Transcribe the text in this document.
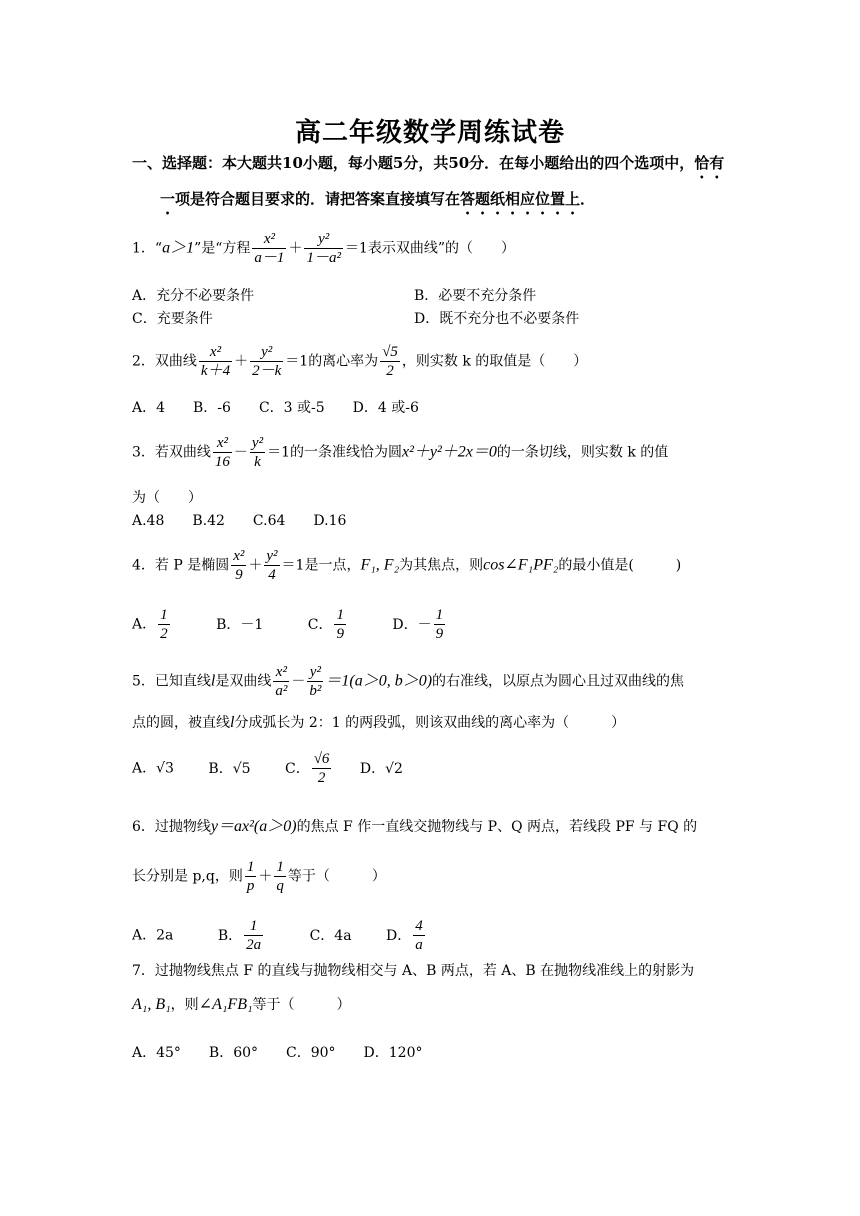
高二年级数学周练试卷
一、选择题：本大题共10小题，每小题5分，共50分．在每小题给出的四个选项中，恰有
一项是符合题目要求的．请把答案直接填写在答题纸相应位置上．
1．“a＞1”是“方程 $\frac{\text{x²}}{a-1} + \frac{\text{y²}}{\text{1－a²}} =1$表示双曲线”的（　　）
A．充分不必要条件	B．必要不充分条件
C．充要条件	D．既不充分也不必要条件
2．双曲线 $\frac{\text{x²}}{k+4} + \frac{\text{y²}}{2-k} =1$的离心率为 $\frac{√5}{2}$ ，则实数 k 的取值是（　　）
A．4　　B．-6　　C．3 或-5　　D．4 或-6
3．若双曲线 $\frac{\text{x²}}{16} - \frac{\text{y²}}{k} =1$的一条准线恰为圆x²＋y²＋2x＝0的一条切线，则实数 k 的值
为（　　）
A.48　　B.42　　C.64　　D.16
4．若 P 是椭圆 $\frac{\text{x²}}{9} + \frac{\text{y²}}{4} =1$是一点，F₁, F₂为其焦点，则cos∠F₁PF₂的最小值是(　　　)
A． $\frac{1}{2}$	B．－1	C． $\frac{1}{9}$	D．－ $\frac{1}{9}$
5．已知直线l是双曲线 $\frac{\text{x²}}{\text{a²}} - \frac{\text{y²}}{\text{b²}} =1(a>0$, b＞0)的右准线，以原点为圆心且过双曲线的焦
点的圆，被直线l分成弧长为 2：1 的两段弧，则该双曲线的离心率为（　　　）
A．√3 B．√5 C． $\frac{√6}{2}$ D．√2
6．过抛物线y＝ax²(a＞0)的焦点 F 作一直线交抛物线与 P、Q 两点，若线段 PF 与 FQ 的
长分别是 p,q，则 $\frac{1}{p} + \frac{1}{q}$ 等于（　　　）
A．2a	B． $\frac{1}{2a}$	C．4a D． $\frac{4}{a}$
7．过抛物线焦点 F 的直线与抛物线相交与 A、B 两点，若 A、B 在抛物线准线上的射影为
A₁, B₁，则∠A₁FB₁等于（　　　）
A．45°　　B．60°　　C．90°　　D．120°
